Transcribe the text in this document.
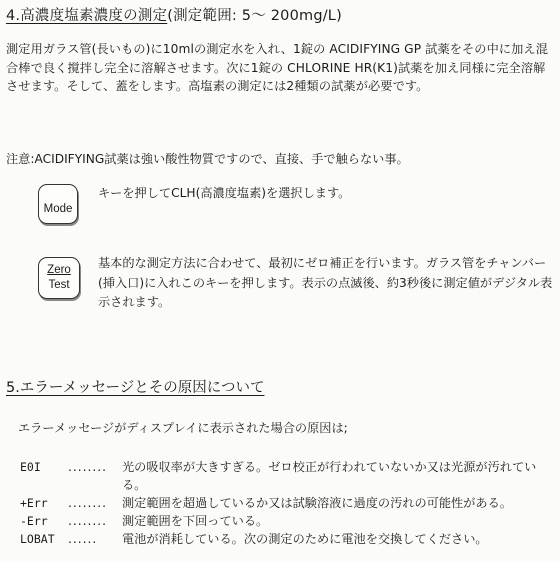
4.高濃度塩素濃度の測定(測定範囲: 5〜 200mg/L)
測定用ガラス管(長いもの)に10mlの測定水を入れ、1錠の ACIDIFYING GP 試薬をその中に加え混合棒で良く撹拌し完全に溶解させます。次に1錠の CHLORINE HR(K1)試薬を加え同様に完全溶解させます。そして、蓋をします。高塩素の測定には2種類の試薬が必要です。
注意:ACIDIFYING試薬は強い酸性物質ですので、直接、手で触らない事。
Mode
キーを押してCLH(高濃度塩素)を選択します。
Zero
Test
基本的な測定方法に合わせて、最初にゼロ補正を行います。ガラス管をチャンバー(挿入口)に入れこのキーを押します。表示の点滅後、約3秒後に測定値がデジタル表示されます。
5.エラーメッセージとその原因について
エラーメッセージがディスプレイに表示された場合の原因は;
E0I	........	光の吸収率が大きすぎる。ゼロ校正が行われていないか又は光源が汚れている。
+Err	........	測定範囲を超過しているか又は試験溶液に過度の汚れの可能性がある。
-Err	........	測定範囲を下回っている。
LOBAT	......	電池が消耗している。次の測定のために電池を交換してください。
